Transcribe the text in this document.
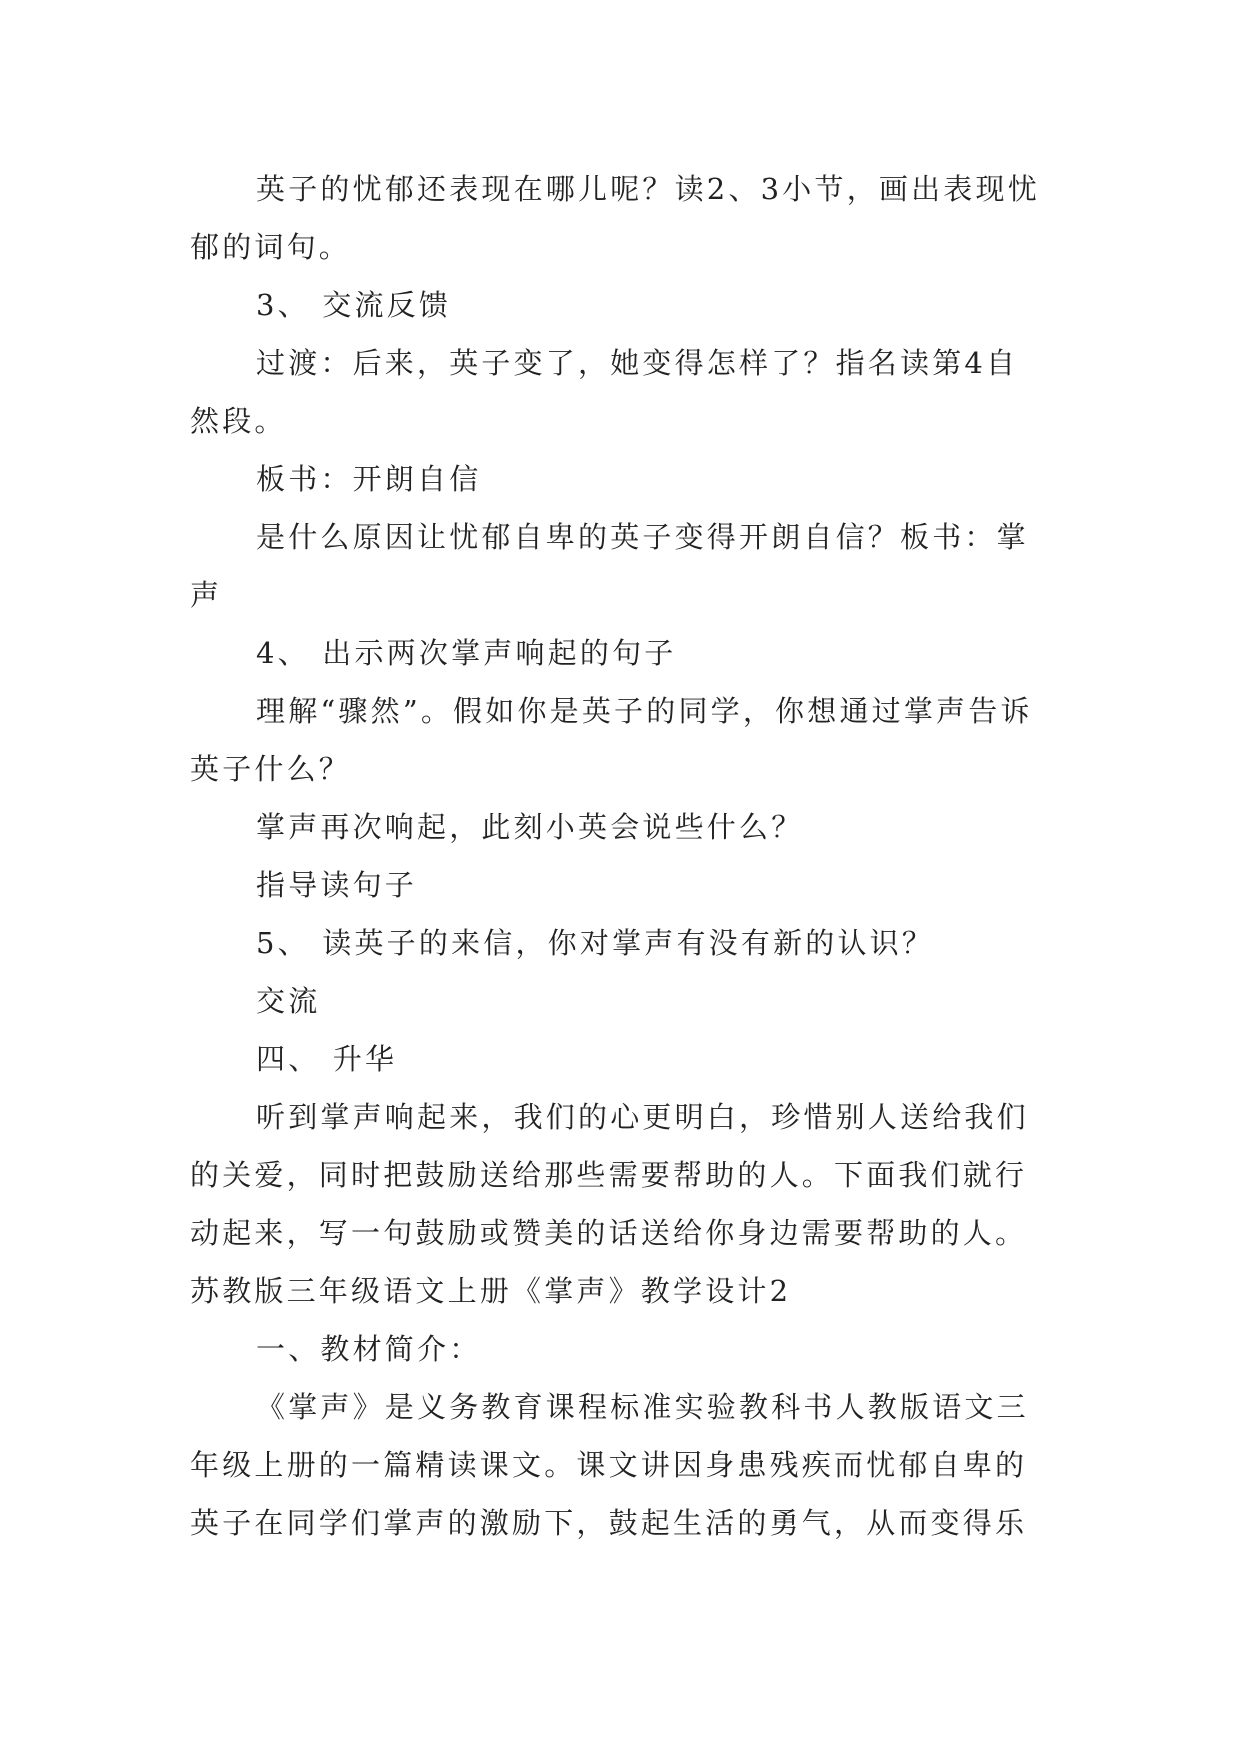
英子的忧郁还表现在哪儿呢？读2、3小节，画出表现忧郁的词句。

3、 交流反馈

过渡：后来，英子变了，她变得怎样了？指名读第4自然段。

板书：开朗自信

是什么原因让忧郁自卑的英子变得开朗自信？板书：掌声

4、 出示两次掌声响起的句子

理解“骤然”。假如你是英子的同学，你想通过掌声告诉英子什么？

掌声再次响起，此刻小英会说些什么？

指导读句子

5、 读英子的来信，你对掌声有没有新的认识？

交流

四、 升华

听到掌声响起来，我们的心更明白，珍惜别人送给我们的关爱，同时把鼓励送给那些需要帮助的人。下面我们就行动起来，写一句鼓励或赞美的话送给你身边需要帮助的人。

苏教版三年级语文上册《掌声》教学设计2

一、教材简介：

《掌声》是义务教育课程标准实验教科书人教版语文三年级上册的一篇精读课文。课文讲因身患残疾而忧郁自卑的英子在同学们掌声的激励下，鼓起生活的勇气，从而变得乐
